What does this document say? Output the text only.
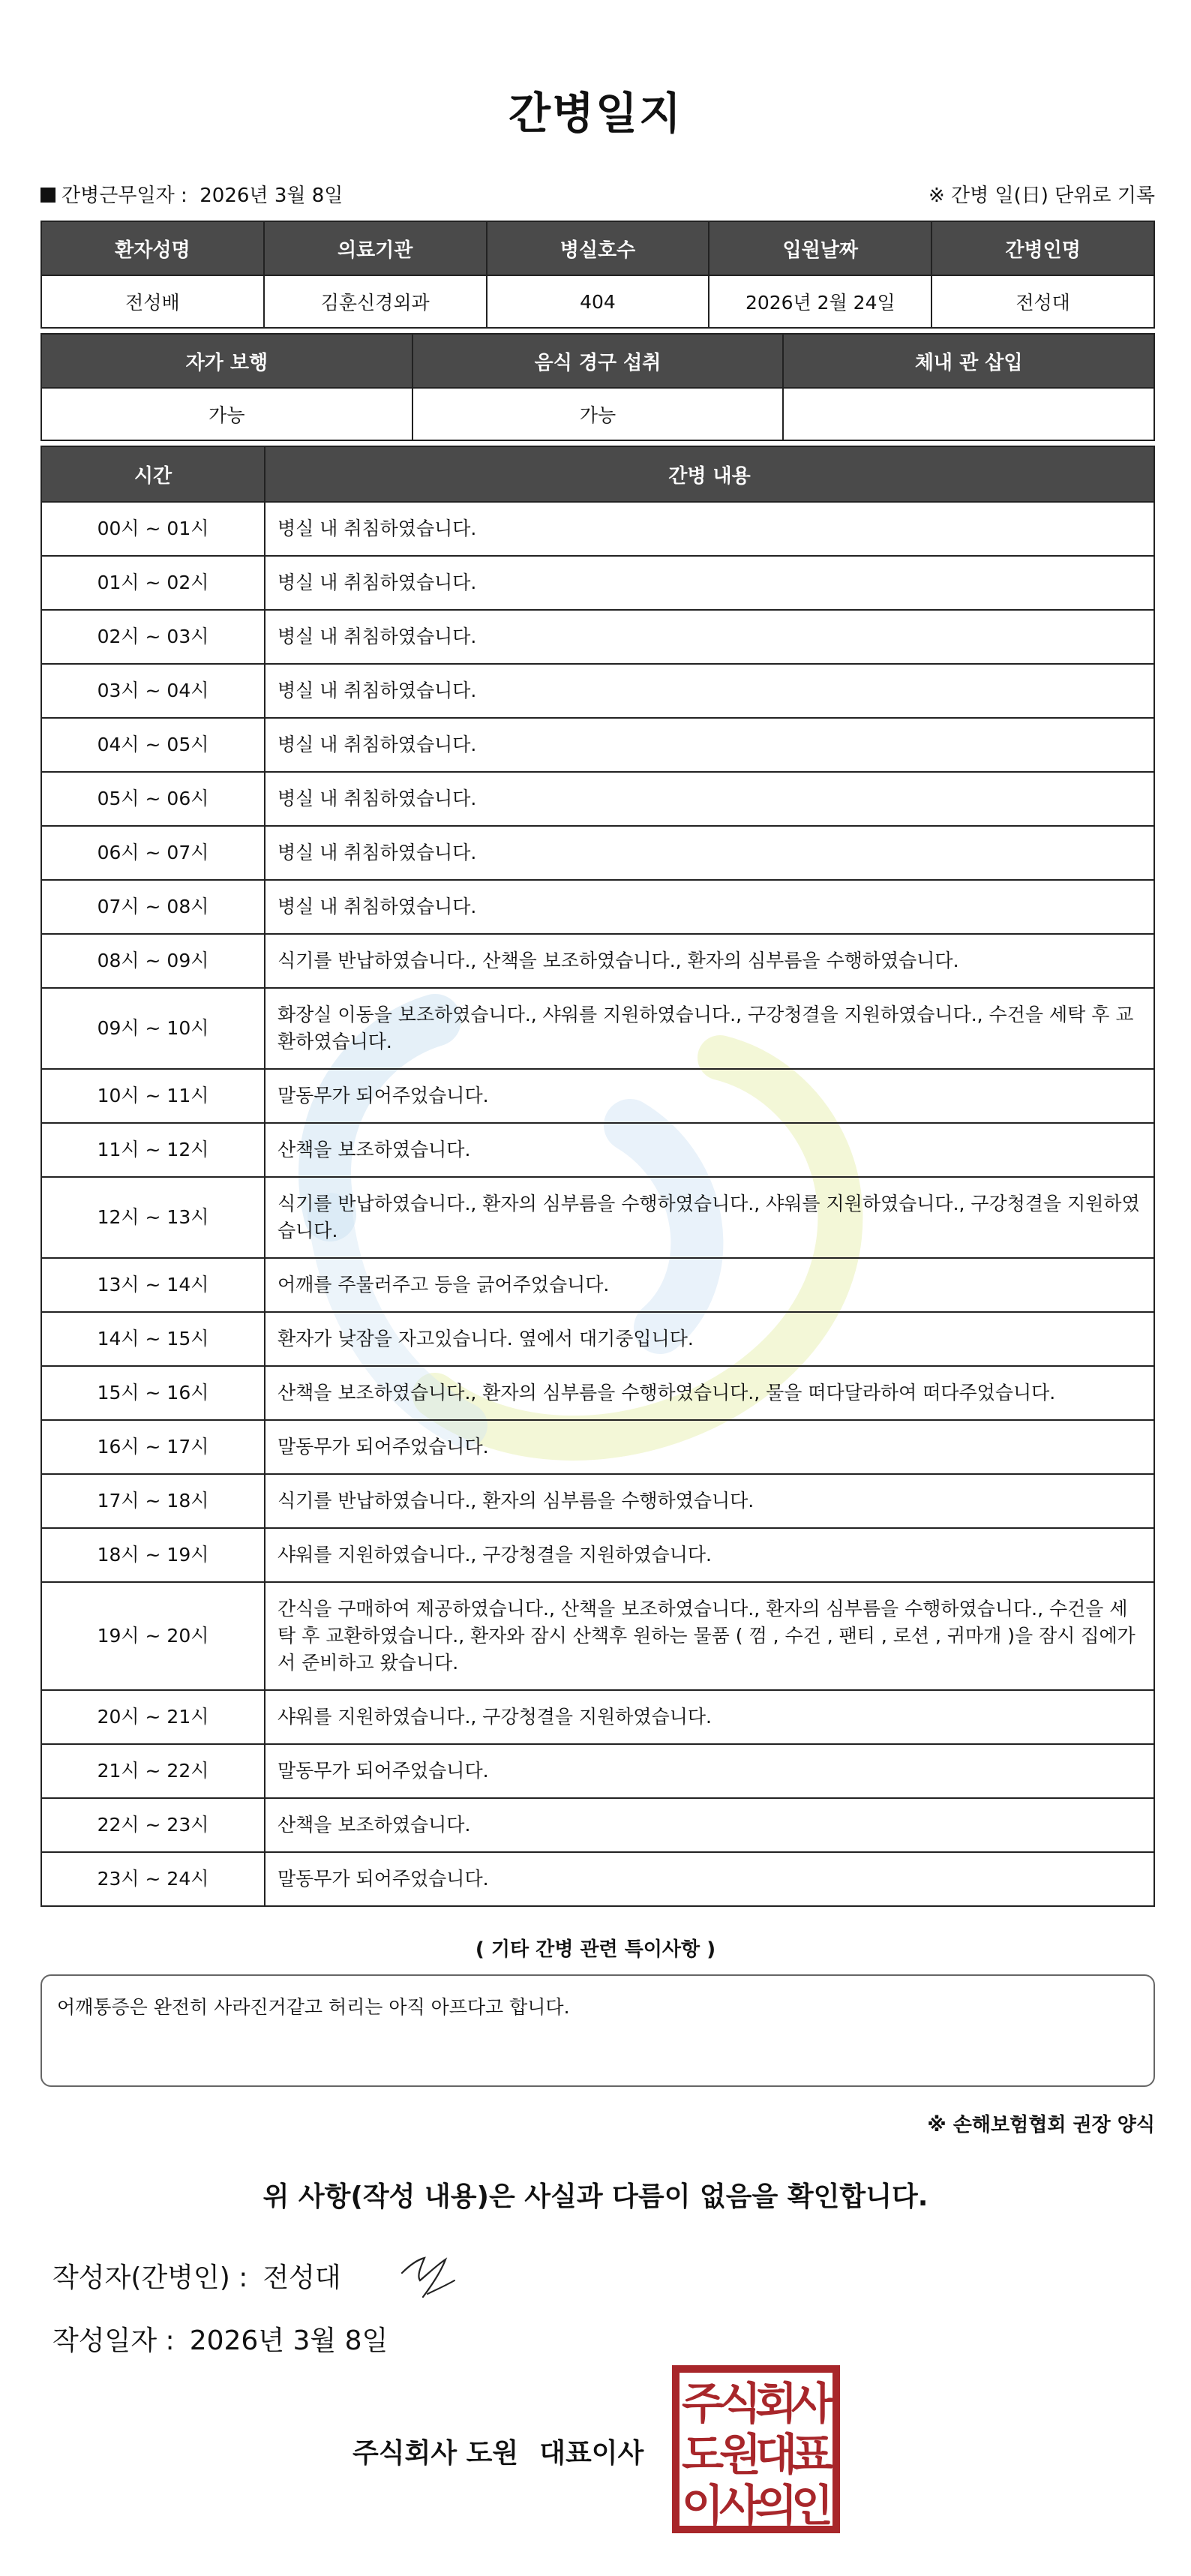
간병일지
간병근무일자 : 2026년 3월 8일	※ 간병 일(日) 단위로 기록
환자성명	의료기관	병실호수	입원날짜	간병인명
전성배	김훈신경외과	404	2026년 2월 24일	전성대
자가 보행	음식 경구 섭취	체내 관 삽입
가능	가능	
시간	간병 내용
00시 ~ 01시	병실 내 취침하였습니다.
01시 ~ 02시	병실 내 취침하였습니다.
02시 ~ 03시	병실 내 취침하였습니다.
03시 ~ 04시	병실 내 취침하였습니다.
04시 ~ 05시	병실 내 취침하였습니다.
05시 ~ 06시	병실 내 취침하였습니다.
06시 ~ 07시	병실 내 취침하였습니다.
07시 ~ 08시	병실 내 취침하였습니다.
08시 ~ 09시	식기를 반납하였습니다., 산책을 보조하였습니다., 환자의 심부름을 수행하였습니다.
09시 ~ 10시	화장실 이동을 보조하였습니다., 샤워를 지원하였습니다., 구강청결을 지원하였습니다., 수건을 세탁 후 교환하였습니다.
10시 ~ 11시	말동무가 되어주었습니다.
11시 ~ 12시	산책을 보조하였습니다.
12시 ~ 13시	식기를 반납하였습니다., 환자의 심부름을 수행하였습니다., 샤워를 지원하였습니다., 구강청결을 지원하였습니다.
13시 ~ 14시	어깨를 주물러주고 등을 긁어주었습니다.
14시 ~ 15시	환자가 낮잠을 자고있습니다. 옆에서 대기중입니다.
15시 ~ 16시	산책을 보조하였습니다., 환자의 심부름을 수행하였습니다., 물을 떠다달라하여 떠다주었습니다.
16시 ~ 17시	말동무가 되어주었습니다.
17시 ~ 18시	식기를 반납하였습니다., 환자의 심부름을 수행하였습니다.
18시 ~ 19시	샤워를 지원하였습니다., 구강청결을 지원하였습니다.
19시 ~ 20시	간식을 구매하여 제공하였습니다., 산책을 보조하였습니다., 환자의 심부름을 수행하였습니다., 수건을 세탁 후 교환하였습니다., 환자와 잠시 산책후 원하는 물품 ( 껌 , 수건 , 팬티 , 로션 , 귀마개 )을 잠시 집에가서 준비하고 왔습니다.
20시 ~ 21시	샤워를 지원하였습니다., 구강청결을 지원하였습니다.
21시 ~ 22시	말동무가 되어주었습니다.
22시 ~ 23시	산책을 보조하였습니다.
23시 ~ 24시	말동무가 되어주었습니다.
( 기타 간병 관련 특이사항 )
어깨통증은 완전히 사라진거같고 허리는 아직 아프다고 합니다.
※ 손해보험협회 권장 양식
위 사항(작성 내용)은 사실과 다름이 없음을 확인합니다.
작성자(간병인) : 전성대
작성일자 : 2026년 3월 8일
주식회사 도원 대표이사
주
식
회
사
도
원
대
표
이
사
의
인
